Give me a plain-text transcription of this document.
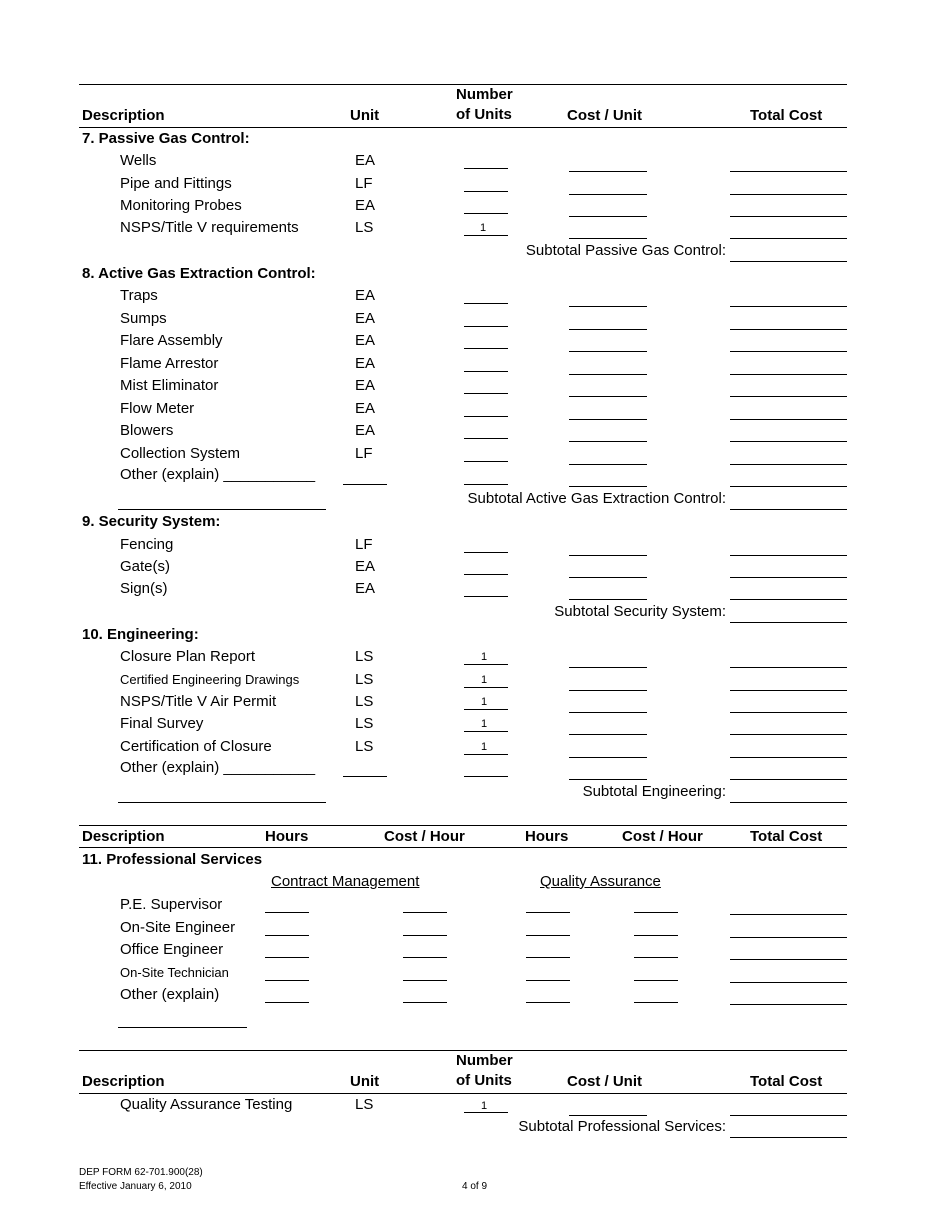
Number
Description	Unit	of Units	Cost / Unit	Total Cost
7. Passive Gas Control:
Wells	EA
Pipe and Fittings	LF
Monitoring Probes	EA
NSPS/Title V requirements	LS	1
Subtotal Passive Gas Control:
8. Active Gas Extraction Control:
Traps	EA
Sumps	EA
Flare Assembly	EA
Flame Arrestor	EA
Mist Eliminator	EA
Flow Meter	EA
Blowers	EA
Collection System	LF
Other (explain) ___________
Subtotal Active Gas Extraction Control:
9. Security System:
Fencing	LF
Gate(s)	EA
Sign(s)	EA
Subtotal Security System:
10. Engineering:
Closure Plan Report	LS	1
Certified Engineering Drawings	LS	1
NSPS/Title V Air Permit	LS	1
Final Survey	LS	1
Certification of Closure	LS	1
Other (explain) ___________
Subtotal Engineering:
Description	Hours	Cost / Hour	Hours	Cost / Hour	Total Cost
11. Professional Services
Contract Management	Quality Assurance
P.E. Supervisor
On-Site Engineer
Office Engineer
On-Site Technician
Other (explain)
Number
Description	Unit	of Units	Cost / Unit	Total Cost
Quality Assurance Testing	LS	1
Subtotal Professional Services:
DEP FORM 62-701.900(28)
Effective January 6, 2010	4 of 9
